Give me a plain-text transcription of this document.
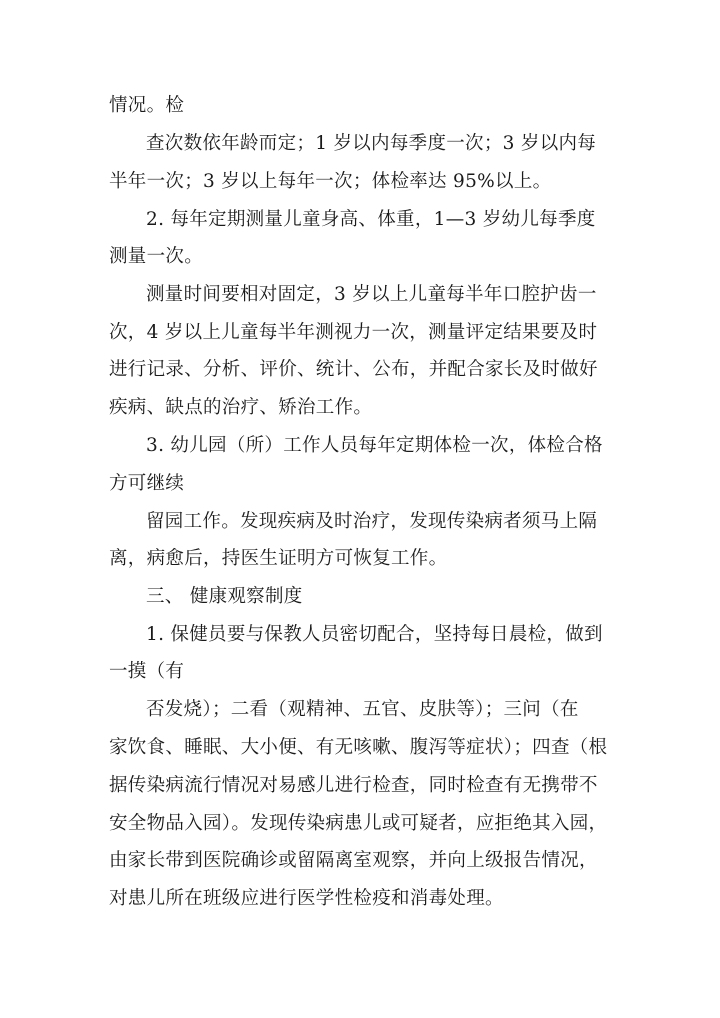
情况。检
查次数依年龄而定；1 岁以内每季度一次；3 岁以内每
半年一次；3 岁以上每年一次；体检率达 95%以上。
2. 每年定期测量儿童身高、体重，1—3 岁幼儿每季度
测量一次。
测量时间要相对固定，3 岁以上儿童每半年口腔护齿一
次，4 岁以上儿童每半年测视力一次，测量评定结果要及时
进行记录、分析、评价、统计、公布，并配合家长及时做好
疾病、缺点的治疗、矫治工作。
3. 幼儿园（所）工作人员每年定期体检一次，体检合格
方可继续
留园工作。发现疾病及时治疗，发现传染病者须马上隔
离，病愈后，持医生证明方可恢复工作。
三、 健康观察制度
1. 保健员要与保教人员密切配合，坚持每日晨检，做到
一摸（有
否发烧）；二看（观精神、五官、皮肤等）；三问（在
家饮食、睡眠、大小便、有无咳嗽、腹泻等症状）；四查（根
据传染病流行情况对易感儿进行检查，同时检查有无携带不
安全物品入园）。发现传染病患儿或可疑者，应拒绝其入园，
由家长带到医院确诊或留隔离室观察，并向上级报告情况，
对患儿所在班级应进行医学性检疫和消毒处理。
